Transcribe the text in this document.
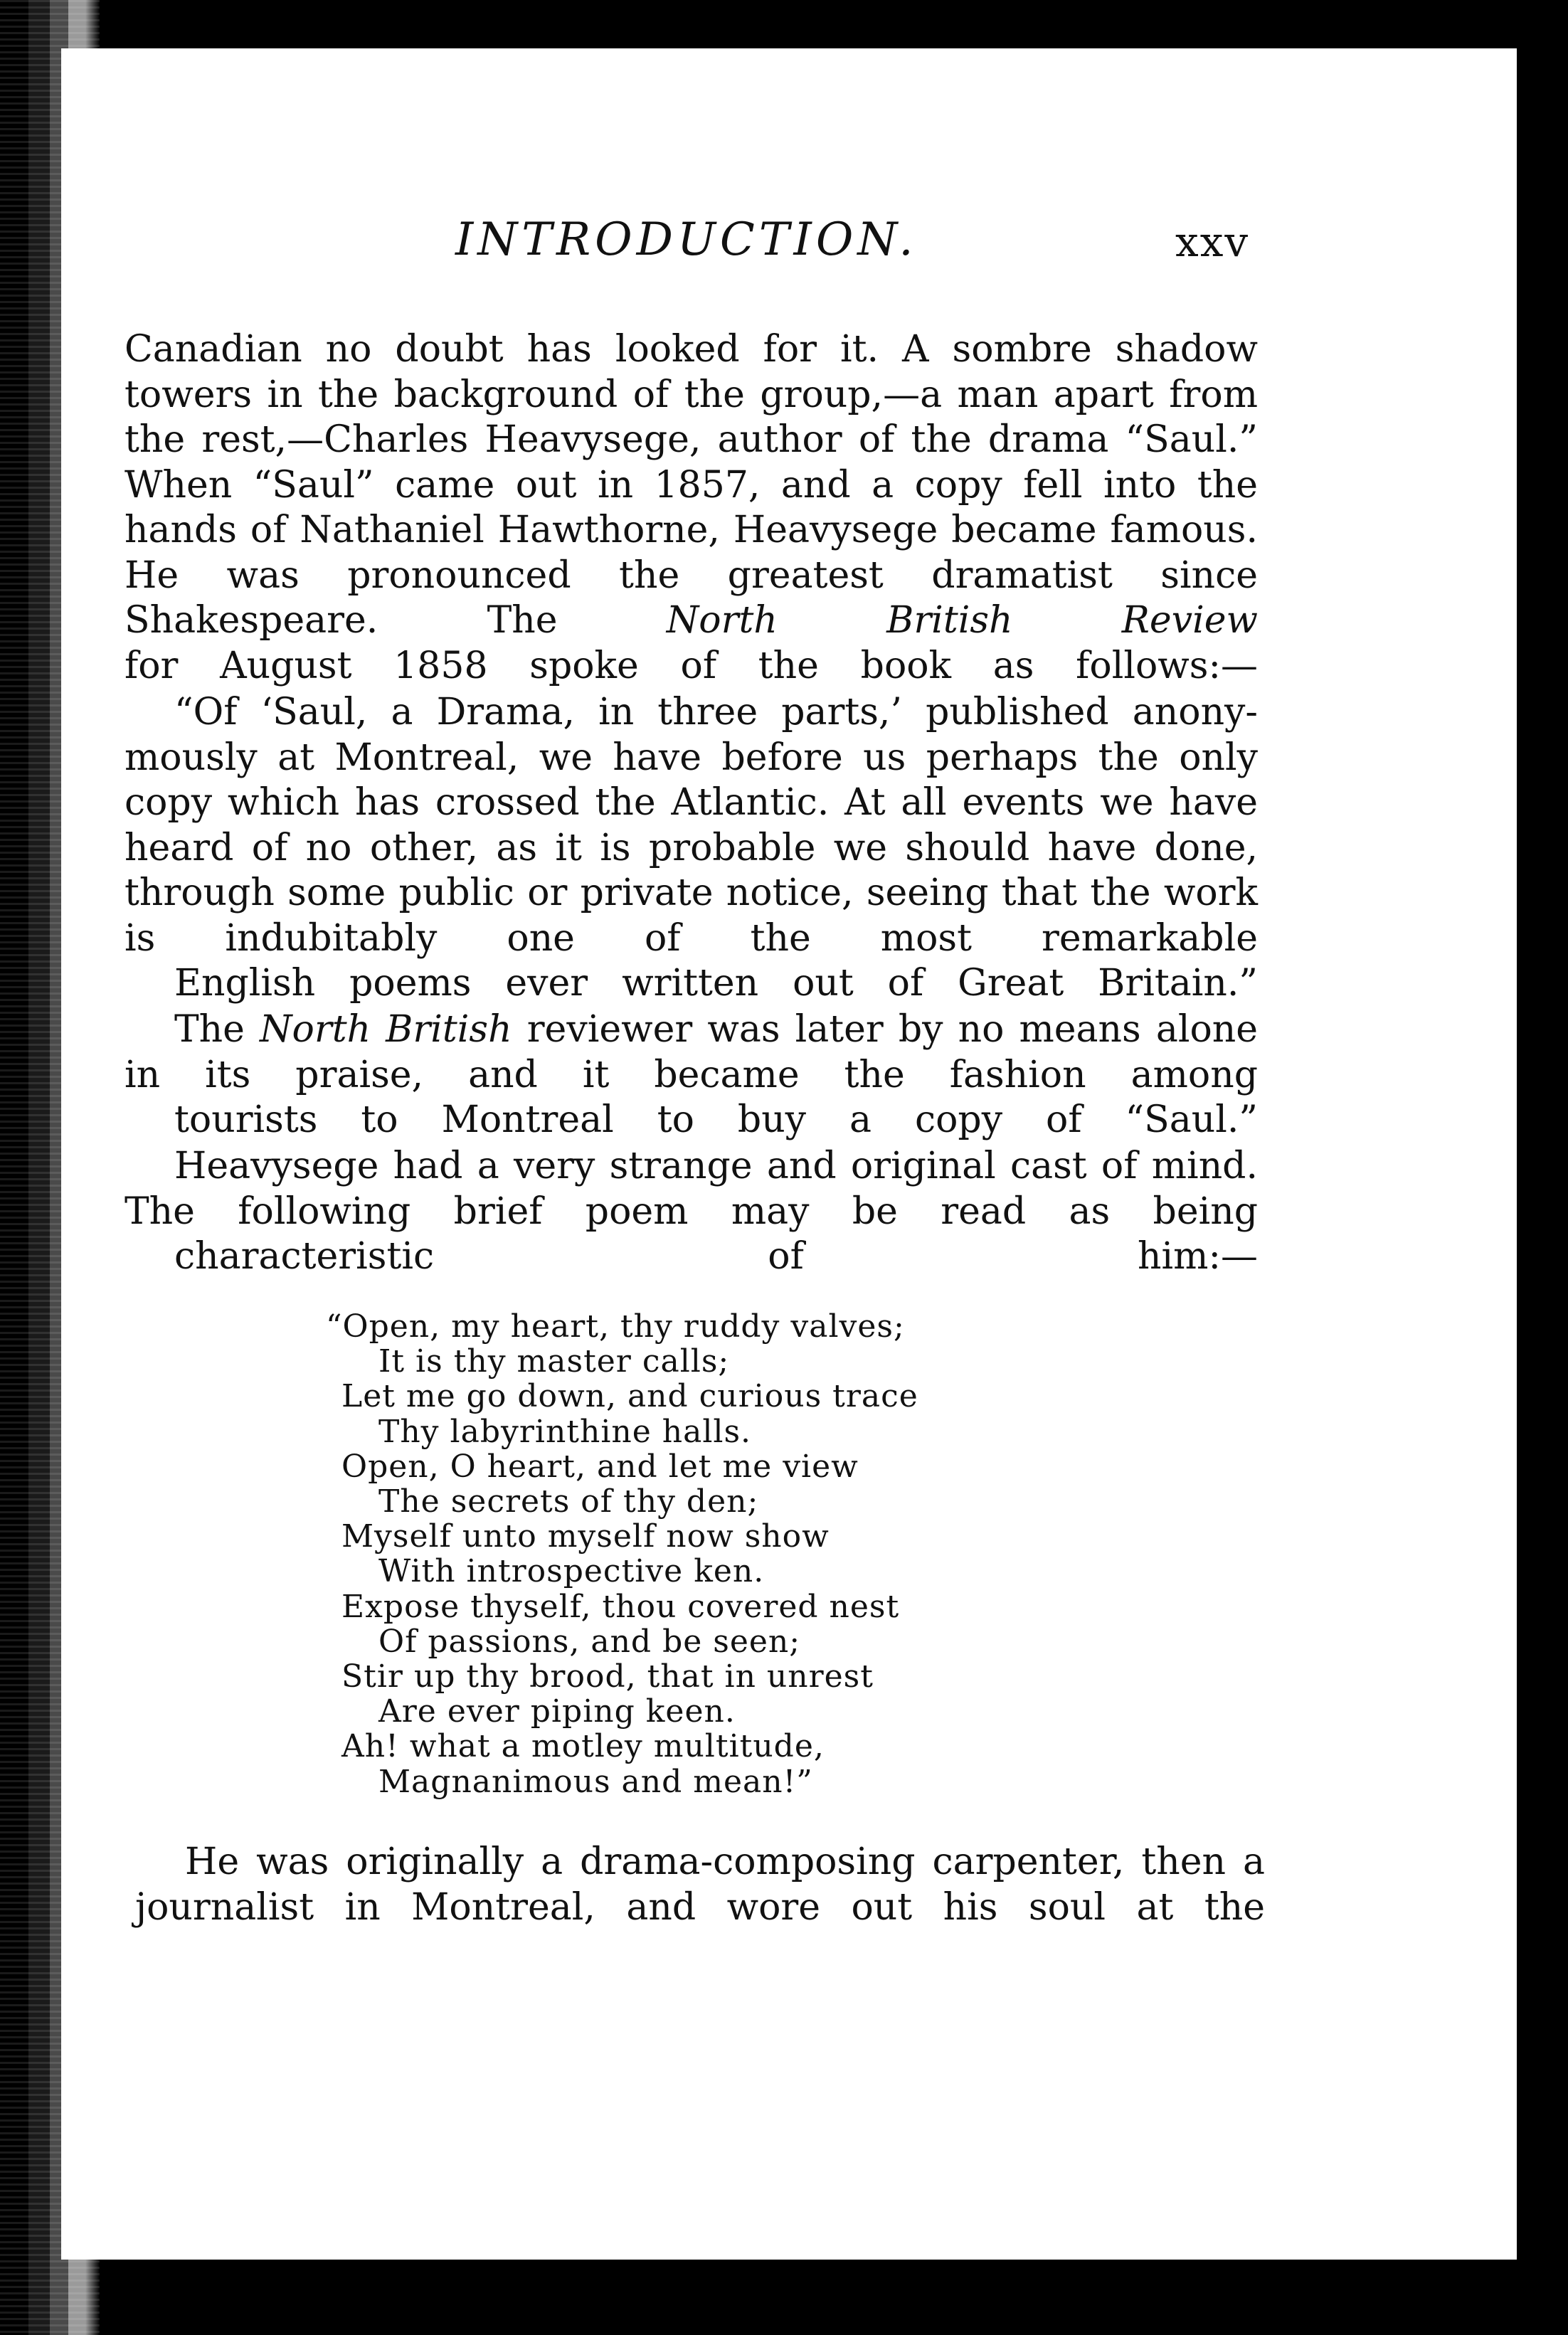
INTRODUCTION.	xxv

Canadian no doubt has looked for it. A sombre shadow towers in the background of the group,—a man apart from the rest,—Charles Heavysege, author of the drama “Saul.” When “Saul” came out in 1857, and a copy fell into the hands of Nathaniel Hawthorne, Heavysege became famous. He was pronounced the greatest dramatist since Shakespeare. The	North British Review
for August 1858 spoke of the book as follows:—

“Of ‘Saul, a Drama, in three parts,’ published anony- mously at Montreal, we have before us perhaps the only copy which has crossed the Atlantic. At all events we have heard of no other, as it is probable we should have done, through some public or private notice, seeing that the work is indubitably one of the most remarkable
English poems ever written out of Great Britain.”

The North British reviewer was later by no means alone in its praise, and it became the fashion among
tourists to Montreal to buy a copy of “Saul.”

Heavysege had a very strange and original cast of mind. The following brief poem may be read as being
characteristic of him:—

“Open, my heart, thy ruddy valves;
It is thy master calls;
Let me go down, and curious trace
Thy labyrinthine halls.
Open, O heart, and let me view
The secrets of thy den;
Myself unto myself now show
With introspective ken.
Expose thyself, thou covered nest
Of passions, and be seen;
Stir up thy brood, that in unrest
Are ever piping keen.
Ah! what a motley multitude,
Magnanimous and mean!”

He was originally a drama-composing carpenter, then a journalist in Montreal, and wore out his soul at the
